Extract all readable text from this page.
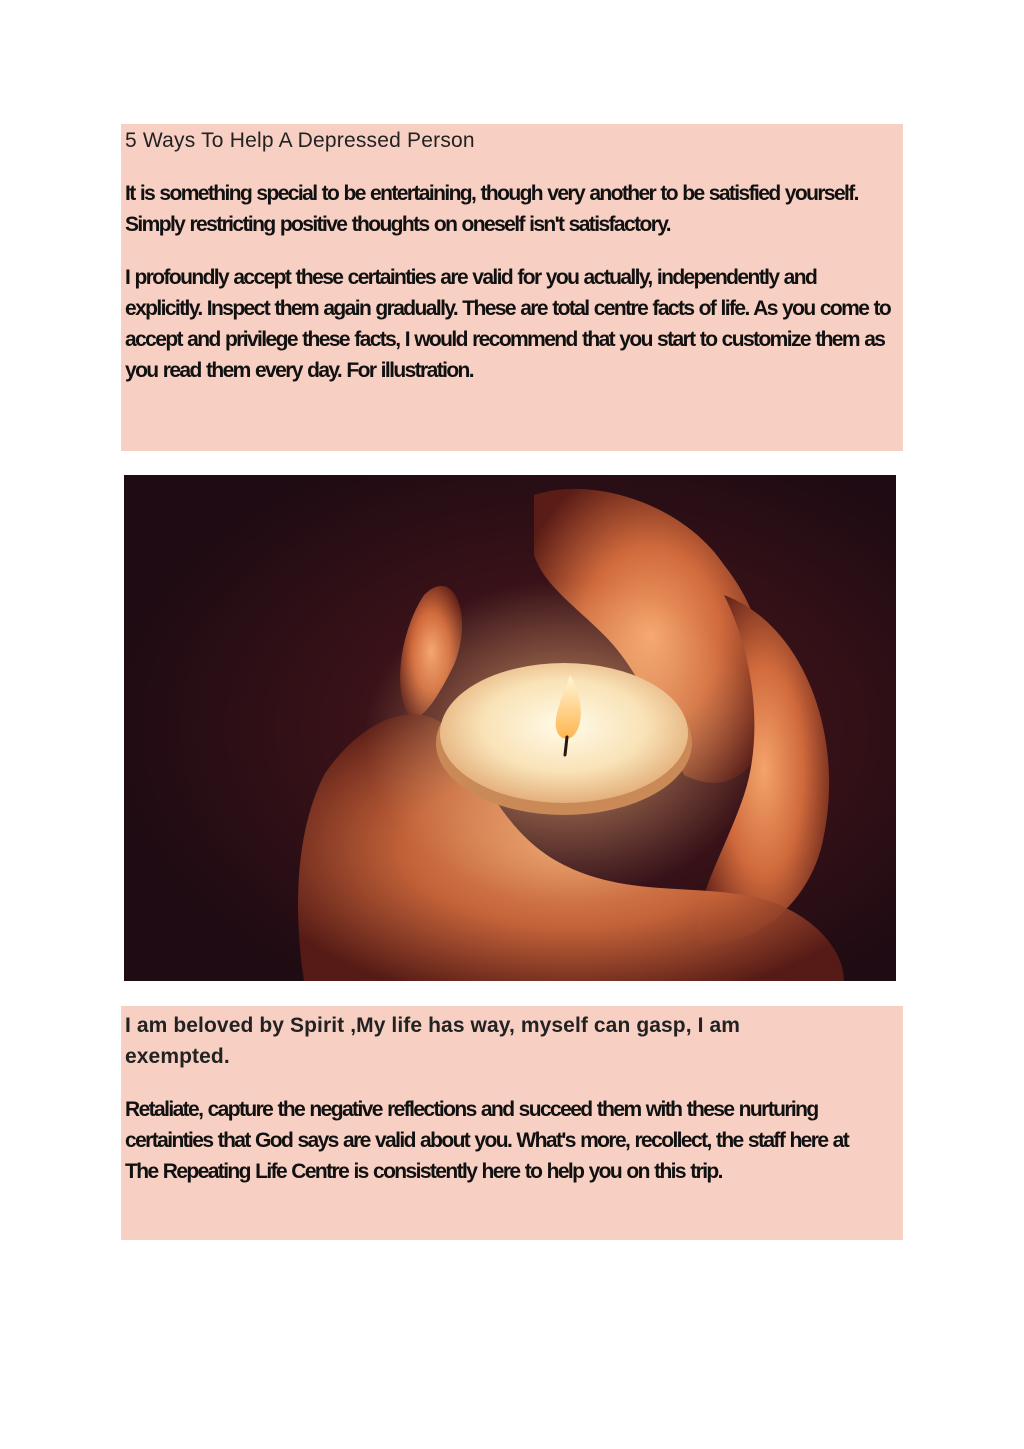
5 Ways To Help A Depressed Person

It is something special to be entertaining, though very another to be satisfied yourself. Simply restricting positive thoughts on oneself isn't satisfactory.

I profoundly accept these certainties are valid for you actually, independently and explicitly. Inspect them again gradually. These are total centre facts of life. As you come to accept and privilege these facts, I would recommend that you start to customize them as you read them every day. For illustration.

I am beloved by Spirit ,My life has way, myself can gasp, I am exempted.

Retaliate, capture the negative reflections and succeed them with these nurturing certainties that God says are valid about you. What's more, recollect, the staff here at The Repeating Life Centre is consistently here to help you on this trip.
